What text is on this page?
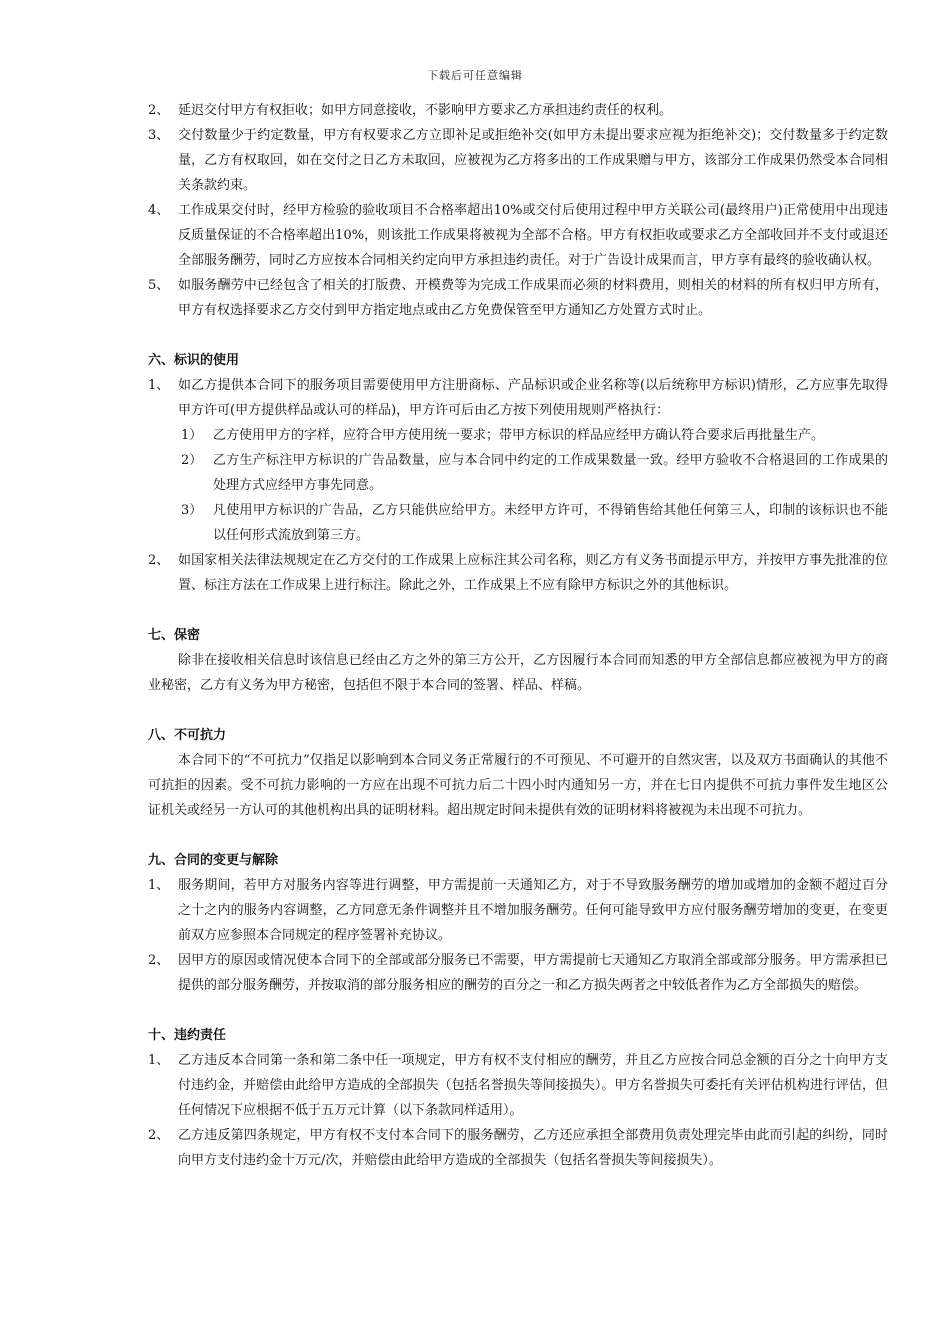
下载后可任意编辑
2、 延迟交付甲方有权拒收；如甲方同意接收，不影响甲方要求乙方承担违约责任的权利。
3、 交付数量少于约定数量，甲方有权要求乙方立即补足或拒绝补交(如甲方未提出要求应视为拒绝补交)；交付数量多于约定数量，乙方有权取回，如在交付之日乙方未取回，应被视为乙方将多出的工作成果赠与甲方，该部分工作成果仍然受本合同相关条款约束。
4、 工作成果交付时，经甲方检验的验收项目不合格率超出10%或交付后使用过程中甲方关联公司(最终用户)正常使用中出现违反质量保证的不合格率超出10%，则该批工作成果将被视为全部不合格。甲方有权拒收或要求乙方全部收回并不支付或退还全部服务酬劳，同时乙方应按本合同相关约定向甲方承担违约责任。对于广告设计成果而言，甲方享有最终的验收确认权。
5、 如服务酬劳中已经包含了相关的打版费、开模费等为完成工作成果而必须的材料费用，则相关的材料的所有权归甲方所有，甲方有权选择要求乙方交付到甲方指定地点或由乙方免费保管至甲方通知乙方处置方式时止。
六、标识的使用
1、 如乙方提供本合同下的服务项目需要使用甲方注册商标、产品标识或企业名称等(以后统称甲方标识)情形，乙方应事先取得甲方许可(甲方提供样品或认可的样品)，甲方许可后由乙方按下列使用规则严格执行：
1） 乙方使用甲方的字样，应符合甲方使用统一要求；带甲方标识的样品应经甲方确认符合要求后再批量生产。
2） 乙方生产标注甲方标识的广告品数量，应与本合同中约定的工作成果数量一致。经甲方验收不合格退回的工作成果的处理方式应经甲方事先同意。
3） 凡使用甲方标识的广告品，乙方只能供应给甲方。未经甲方许可，不得销售给其他任何第三人，印制的该标识也不能以任何形式流放到第三方。
2、 如国家相关法律法规规定在乙方交付的工作成果上应标注其公司名称，则乙方有义务书面提示甲方，并按甲方事先批准的位置、标注方法在工作成果上进行标注。除此之外，工作成果上不应有除甲方标识之外的其他标识。
七、保密
除非在接收相关信息时该信息已经由乙方之外的第三方公开，乙方因履行本合同而知悉的甲方全部信息都应被视为甲方的商业秘密，乙方有义务为甲方秘密，包括但不限于本合同的签署、样品、样稿。
八、不可抗力
本合同下的“不可抗力”仅指足以影响到本合同义务正常履行的不可预见、不可避开的自然灾害，以及双方书面确认的其他不可抗拒的因素。受不可抗力影响的一方应在出现不可抗力后二十四小时内通知另一方，并在七日内提供不可抗力事件发生地区公证机关或经另一方认可的其他机构出具的证明材料。超出规定时间未提供有效的证明材料将被视为未出现不可抗力。
九、合同的变更与解除
1、 服务期间，若甲方对服务内容等进行调整，甲方需提前一天通知乙方，对于不导致服务酬劳的增加或增加的金额不超过百分之十之内的服务内容调整，乙方同意无条件调整并且不增加服务酬劳。任何可能导致甲方应付服务酬劳增加的变更，在变更前双方应参照本合同规定的程序签署补充协议。
2、 因甲方的原因或情况使本合同下的全部或部分服务已不需要，甲方需提前七天通知乙方取消全部或部分服务。甲方需承担已提供的部分服务酬劳，并按取消的部分服务相应的酬劳的百分之一和乙方损失两者之中较低者作为乙方全部损失的赔偿。
十、违约责任
1、 乙方违反本合同第一条和第二条中任一项规定，甲方有权不支付相应的酬劳，并且乙方应按合同总金额的百分之十向甲方支付违约金，并赔偿由此给甲方造成的全部损失（包括名誉损失等间接损失）。甲方名誉损失可委托有关评估机构进行评估，但任何情况下应根据不低于五万元计算（以下条款同样适用）。
2、 乙方违反第四条规定，甲方有权不支付本合同下的服务酬劳，乙方还应承担全部费用负责处理完毕由此而引起的纠纷，同时向甲方支付违约金十万元/次，并赔偿由此给甲方造成的全部损失（包括名誉损失等间接损失）。
